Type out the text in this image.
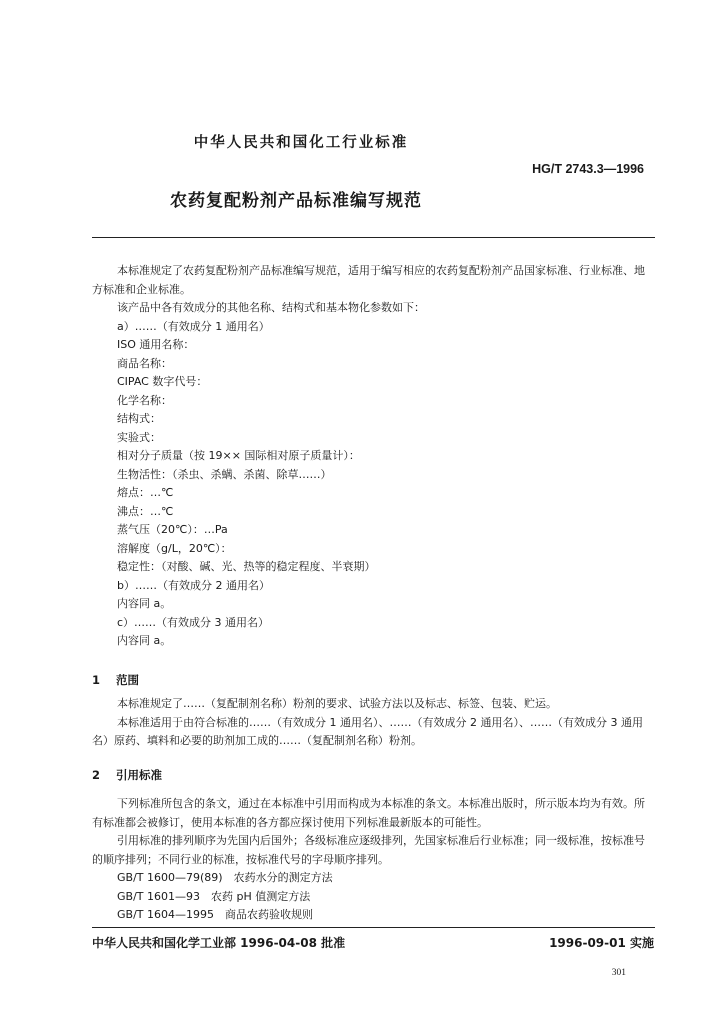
中华人民共和国化工行业标准
HG/T 2743.3—1996
农药复配粉剂产品标准编写规范

本标准规定了农药复配粉剂产品标准编写规范，适用于编写相应的农药复配粉剂产品国家标准、行业标准、地方标准和企业标准。

该产品中各有效成分的其他名称、结构式和基本物化参数如下：

a）……（有效成分 1 通用名）

ISO 通用名称：

商品名称：

CIPAC 数字代号：

化学名称：

结构式：

实验式：

相对分子质量（按 19×× 国际相对原子质量计）：

生物活性：（杀虫、杀螨、杀菌、除草……）

熔点：…℃

沸点：…℃

蒸气压（20℃）：…Pa

溶解度（g/L，20℃）：

稳定性：（对酸、碱、光、热等的稳定程度、半衰期）

b）……（有效成分 2 通用名）

内容同 a。

c）……（有效成分 3 通用名）

内容同 a。

1 范围

本标准规定了……（复配制剂名称）粉剂的要求、试验方法以及标志、标签、包装、贮运。

本标准适用于由符合标准的……（有效成分 1 通用名）、……（有效成分 2 通用名）、……（有效成分 3 通用名）原药、填料和必要的助剂加工成的……（复配制剂名称）粉剂。

2 引用标准

下列标准所包含的条文，通过在本标准中引用而构成为本标准的条文。本标准出版时，所示版本均为有效。所有标准都会被修订，使用本标准的各方都应探讨使用下列标准最新版本的可能性。

引用标准的排列顺序为先国内后国外；各级标准应逐级排列，先国家标准后行业标准；同一级标准，按标准号的顺序排列；不同行业的标准，按标准代号的字母顺序排列。

GB/T 1600—79(89)　农药水分的测定方法

GB/T 1601—93　农药 pH 值测定方法

GB/T 1604—1995　商品农药验收规则

中华人民共和国化学工业部 1996-04-08 批准	1996-09-01 实施
301
